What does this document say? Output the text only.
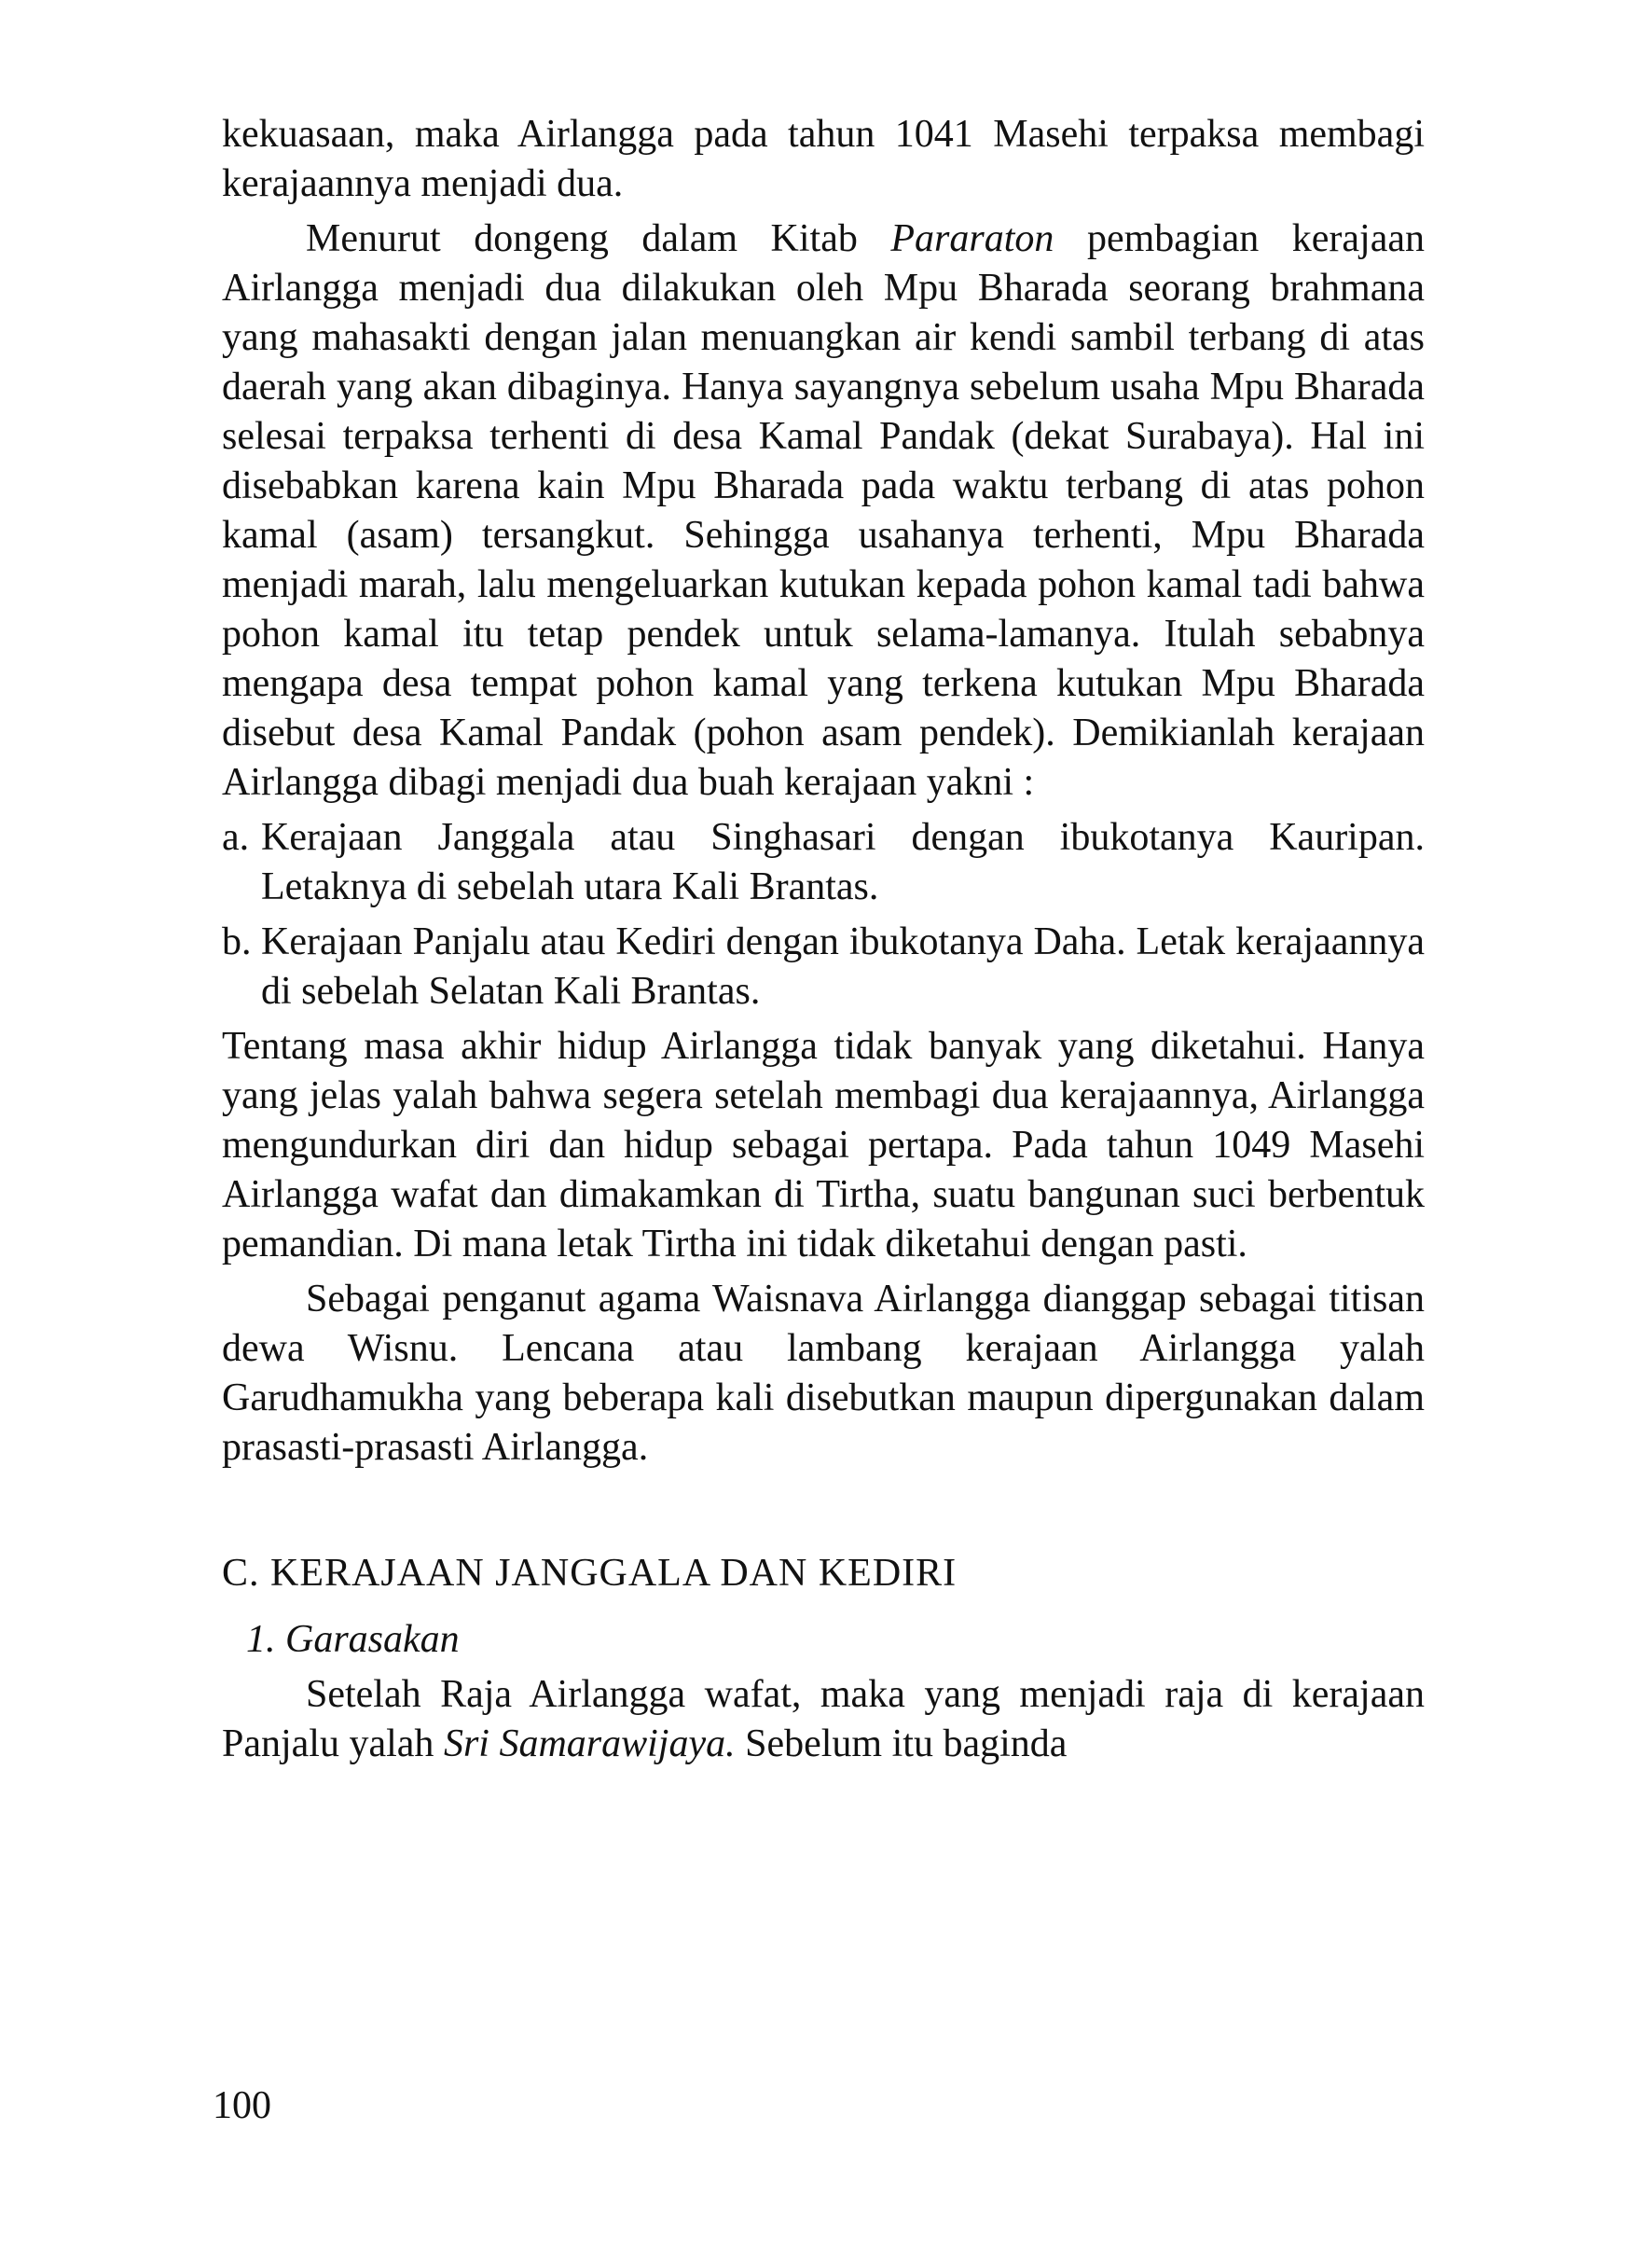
kekuasaan, maka Airlangga pada tahun 1041 Masehi terpaksa membagi kerajaannya menjadi dua.

Menurut dongeng dalam Kitab Pararaton pembagian kerajaan Airlangga menjadi dua dilakukan oleh Mpu Bharada seorang brahmana yang mahasakti dengan jalan menuangkan air kendi sambil terbang di atas daerah yang akan dibaginya. Hanya sayangnya sebelum usaha Mpu Bharada selesai terpaksa terhenti di desa Kamal Pandak (dekat Surabaya). Hal ini disebabkan karena kain Mpu Bharada pada waktu terbang di atas pohon kamal (asam) tersangkut. Sehingga usahanya terhenti, Mpu Bharada menjadi marah, lalu mengeluarkan kutukan kepada pohon kamal tadi bahwa pohon kamal itu tetap pendek untuk selama-lamanya. Itulah sebabnya mengapa desa tempat pohon kamal yang terkena kutukan Mpu Bharada disebut desa Kamal Pandak (pohon asam pendek). Demikianlah kerajaan Airlangga dibagi menjadi dua buah kerajaan yakni :

a. Kerajaan Janggala atau Singhasari dengan ibukotanya Kauripan. Letaknya di sebelah utara Kali Brantas.
b. Kerajaan Panjalu atau Kediri dengan ibukotanya Daha. Letak kerajaannya di sebelah Selatan Kali Brantas.

Tentang masa akhir hidup Airlangga tidak banyak yang diketahui. Hanya yang jelas yalah bahwa segera setelah membagi dua kerajaannya, Airlangga mengundurkan diri dan hidup sebagai pertapa. Pada tahun 1049 Masehi Airlangga wafat dan dimakamkan di Tirtha, suatu bangunan suci berbentuk pemandian. Di mana letak Tirtha ini tidak diketahui dengan pasti.

Sebagai penganut agama Waisnava Airlangga dianggap sebagai titisan dewa Wisnu. Lencana atau lambang kerajaan Airlangga yalah Garudhamukha yang beberapa kali disebutkan maupun dipergunakan dalam prasasti-prasasti Airlangga.

C. KERAJAAN JANGGALA DAN KEDIRI
1. Garasakan

Setelah Raja Airlangga wafat, maka yang menjadi raja di kerajaan Panjalu yalah Sri Samarawijaya. Sebelum itu baginda

100
